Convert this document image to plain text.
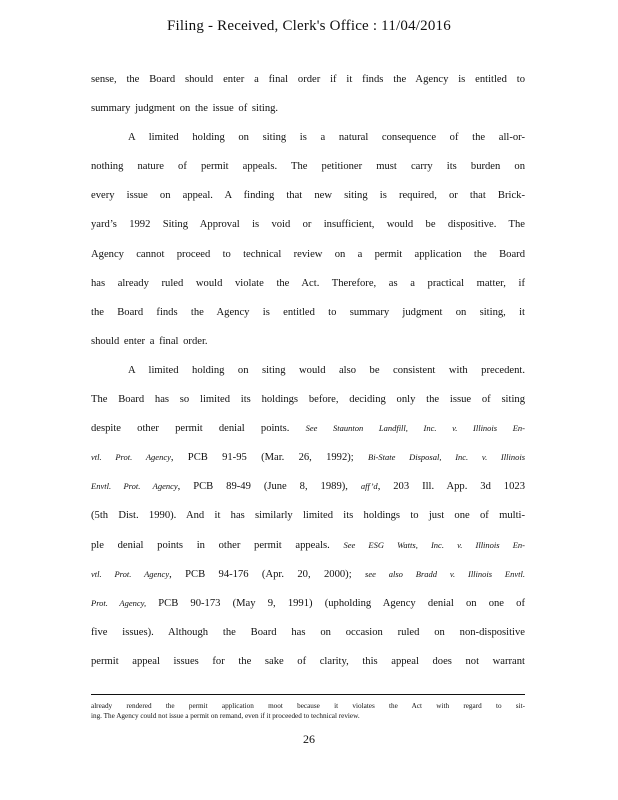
Filing - Received, Clerk's Office : 11/04/2016
sense, the Board should enter a final order if it finds the Agency is entitled to
summary judgment on the issue of siting.
A limited holding on siting is a natural consequence of the all-or-
nothing nature of permit appeals. The petitioner must carry its burden on
every issue on appeal. A finding that new siting is required, or that Brick-
yard’s 1992 Siting Approval is void or insufficient, would be dispositive. The
Agency cannot proceed to technical review on a permit application the Board
has already ruled would violate the Act. Therefore, as a practical matter, if
the Board finds the Agency is entitled to summary judgment on siting, it
should enter a final order.
A limited holding on siting would also be consistent with precedent.
The Board has so limited its holdings before, deciding only the issue of siting
despite other permit denial points. See Staunton Landfill, Inc. v. Illinois En-
vtl. Prot. Agency, PCB 91-95 (Mar. 26, 1992); Bi-State Disposal, Inc. v. Illinois
Envtl. Prot. Agency, PCB 89-49 (June 8, 1989), aff’d, 203 Ill. App. 3d 1023
(5th Dist. 1990). And it has similarly limited its holdings to just one of multi-
ple denial points in other permit appeals. See ESG Watts, Inc. v. Illinois En-
vtl. Prot. Agency, PCB 94-176 (Apr. 20, 2000); see also Bradd v. Illinois Envtl.
Prot. Agency, PCB 90-173 (May 9, 1991) (upholding Agency denial on one of
five issues). Although the Board has on occasion ruled on non-dispositive
permit appeal issues for the sake of clarity, this appeal does not warrant
already rendered the permit application moot because it violates the Act with regard to sit-
ing. The Agency could not issue a permit on remand, even if it proceeded to technical review.
26
